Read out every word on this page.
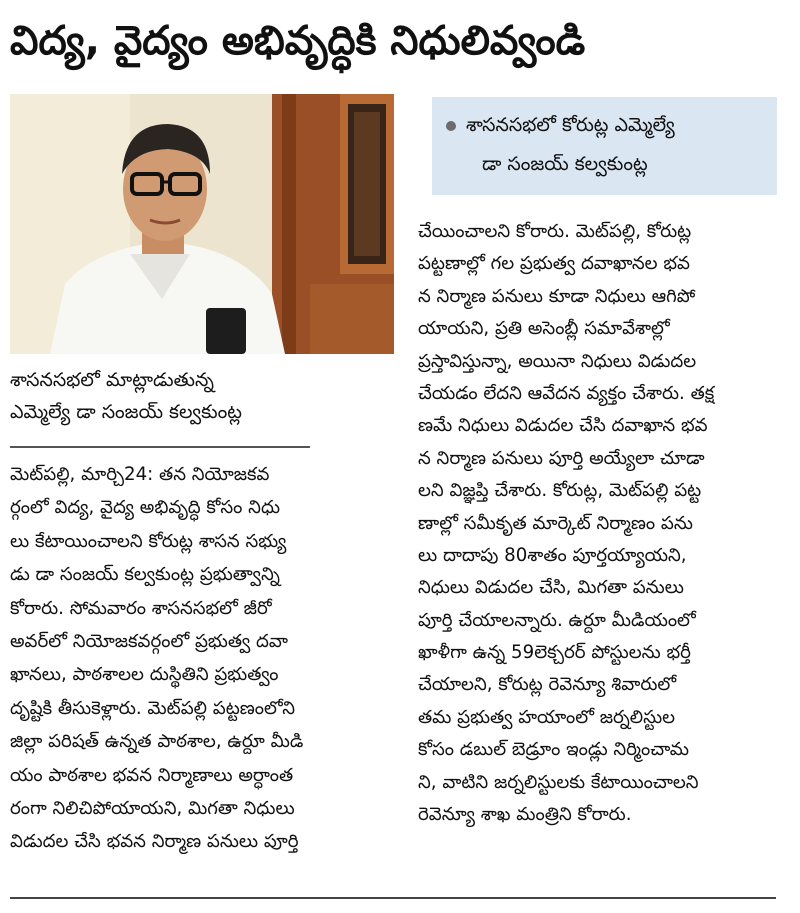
విద్య, వైద్యం అభివృద్ధికి నిధులివ్వండి
శాసనసభలో మాట్లాడుతున్న
ఎమ్మెల్యే డా సంజయ్ కల్వకుంట్ల
శాసనసభలో కోరుట్ల ఎమ్మెల్యే
డా సంజయ్ కల్వకుంట్ల
మెట్‌పల్లి, మార్చి24: తన నియోజకవ
ర్గంలో విద్య, వైద్య అభివృద్ధి కోసం నిధు
లు కేటాయించాలని కోరుట్ల శాసన సభ్యు
డు డా సంజయ్ కల్వకుంట్ల ప్రభుత్వాన్ని
కోరారు. సోమవారం శాసనసభలో జీరో
అవర్‌లో నియోజకవర్గంలో ప్రభుత్వ దవా
ఖానలు, పాఠశాలల దుస్థితిని ప్రభుత్వం
దృష్టికి తీసుకెళ్లారు. మెట్‌పల్లి పట్టణంలోని
జిల్లా పరిషత్ ఉన్నత పాఠశాల, ఉర్దూ మీడి
యం పాఠశాల భవన నిర్మాణాలు అర్ధాంత
రంగా నిలిచిపోయాయని, మిగతా నిధులు
విడుదల చేసి భవన నిర్మాణ పనులు పూర్తి
చేయించాలని కోరారు. మెట్‌పల్లి, కోరుట్ల
పట్టణాల్లో గల ప్రభుత్వ దవాఖానల భవ
న నిర్మాణ పనులు కూడా నిధులు ఆగిపో
యాయని, ప్రతి అసెంబ్లీ సమావేశాల్లో
ప్రస్తావిస్తున్నా, అయినా నిధులు విడుదల
చేయడం లేదని ఆవేదన వ్యక్తం చేశారు. తక్ష
ణమే నిధులు విడుదల చేసి దవాఖాన భవ
న నిర్మాణ పనులు పూర్తి అయ్యేలా చూడా
లని విజ్ఞప్తి చేశారు. కోరుట్ల, మెట్‌పల్లి పట్ట
ణాల్లో సమీకృత మార్కెట్ నిర్మాణం పను
లు దాదాపు 80శాతం పూర్తయ్యాయని,
నిధులు విడుదల చేసి, మిగతా పనులు
పూర్తి చేయాలన్నారు. ఉర్దూ మీడియంలో
ఖాళీగా ఉన్న 59లెక్చరర్ పోస్టులను భర్తీ
చేయాలని, కోరుట్ల రెవెన్యూ శివారులో
తమ ప్రభుత్వ హయాంలో జర్నలిస్టుల
కోసం డబుల్ బెడ్రూం ఇండ్లు నిర్మించామ
ని, వాటిని జర్నలిస్టులకు కేటాయించాలని
రెవెన్యూ శాఖ మంత్రిని కోరారు.
